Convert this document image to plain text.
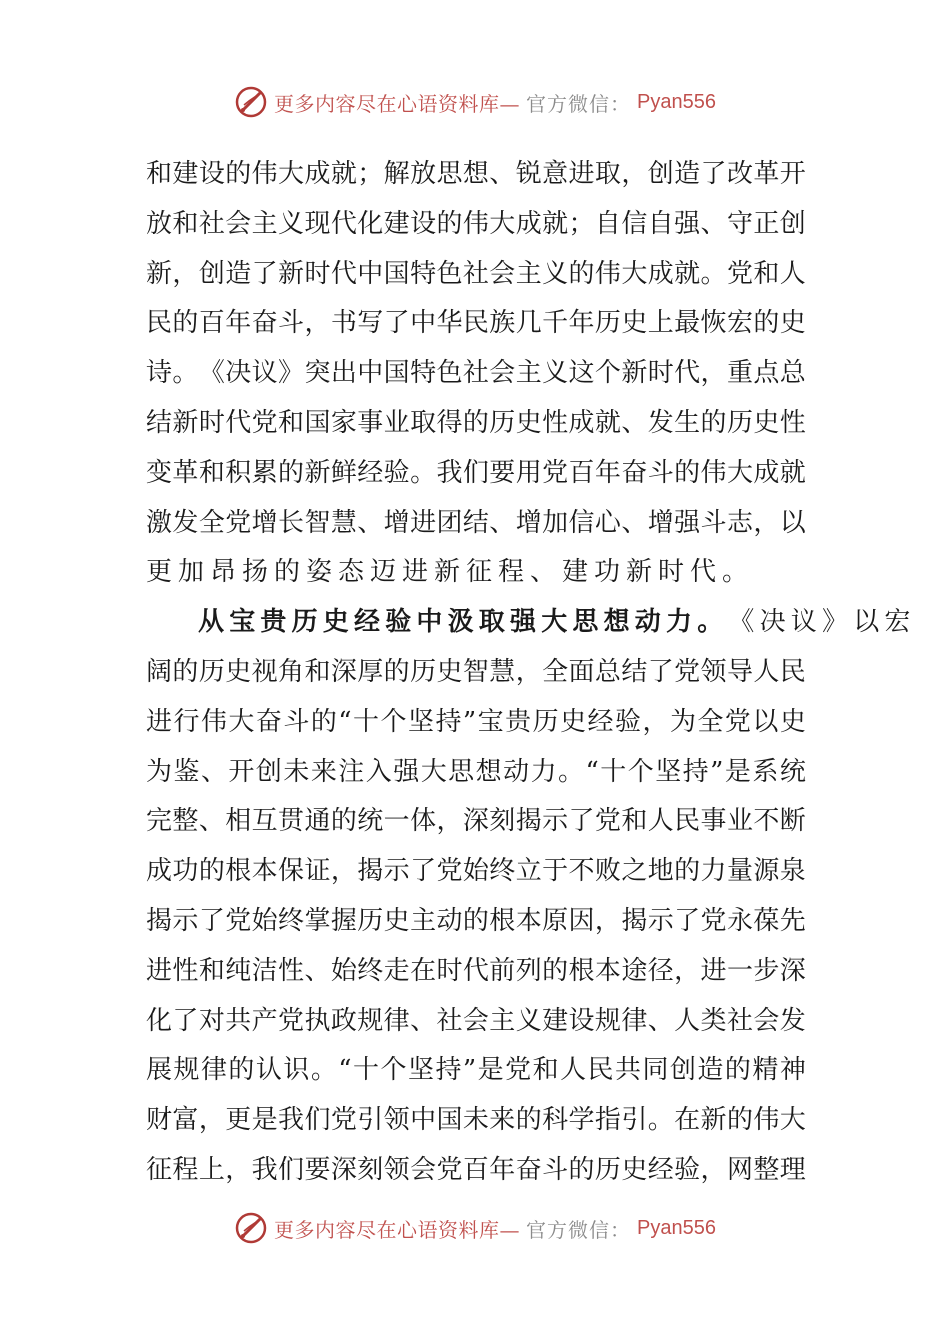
更多内容尽在心语资料库— 官方微信： Pyan556
和 建 设 的 伟 大 成 就 ； 解 放 思 想 、 锐 意 进 取 ， 创 造 了 改 革 开
放 和 社 会 主 义 现 代 化 建 设 的 伟 大 成 就 ； 自 信 自 强 、 守 正 创
新 ， 创 造 了 新 时 代 中 国 特 色 社 会 主 义 的 伟 大 成 就 。 党 和 人
民 的 百 年 奋 斗 ， 书 写 了 中 华 民 族 几 千 年 历 史 上 最 恢 宏 的 史
诗 。 《 决 议 》 突 出 中 国 特 色 社 会 主 义 这 个 新 时 代 ， 重 点 总
结 新 时 代 党 和 国 家 事 业 取 得 的 历 史 性 成 就 、 发 生 的 历 史 性
变 革 和 积 累 的 新 鲜 经 验 。 我 们 要 用 党 百 年 奋 斗 的 伟 大 成 就
激 发 全 党 增 长 智 慧 、 增 进 团 结 、 增 加 信 心 、 增 强 斗 志 ， 以
更加昂扬的姿态迈进新征程、建功新时代。
从宝贵历史经验中汲取强大思想动力。 《决议》以宏
阔 的 历 史 视 角 和 深 厚 的 历 史 智 慧 ， 全 面 总 结 了 党 领 导 人 民
进 行 伟 大 奋 斗 的 “ 十 个 坚 持 ” 宝 贵 历 史 经 验 ， 为 全 党 以 史
为 鉴 、 开 创 未 来 注 入 强 大 思 想 动 力 。 “ 十 个 坚 持 ” 是 系 统
完 整 、 相 互 贯 通 的 统 一 体 ， 深 刻 揭 示 了 党 和 人 民 事 业 不 断
成 功 的 根 本 保 证 ， 揭 示 了 党 始 终 立 于 不 败 之 地 的 力 量 源 泉
揭 示 了 党 始 终 掌 握 历 史 主 动 的 根 本 原 因 ， 揭 示 了 党 永 葆 先
进 性 和 纯 洁 性 、 始 终 走 在 时 代 前 列 的 根 本 途 径 ， 进 一 步 深
化 了 对 共 产 党 执 政 规 律 、 社 会 主 义 建 设 规 律 、 人 类 社 会 发
展 规 律 的 认 识 。 “ 十 个 坚 持 ” 是 党 和 人 民 共 同 创 造 的 精 神
财 富 ， 更 是 我 们 党 引 领 中 国 未 来 的 科 学 指 引 。 在 新 的 伟 大
征 程 上 ， 我 们 要 深 刻 领 会 党 百 年 奋 斗 的 历 史 经 验 ， 网 整 理
更多内容尽在心语资料库— 官方微信： Pyan556
